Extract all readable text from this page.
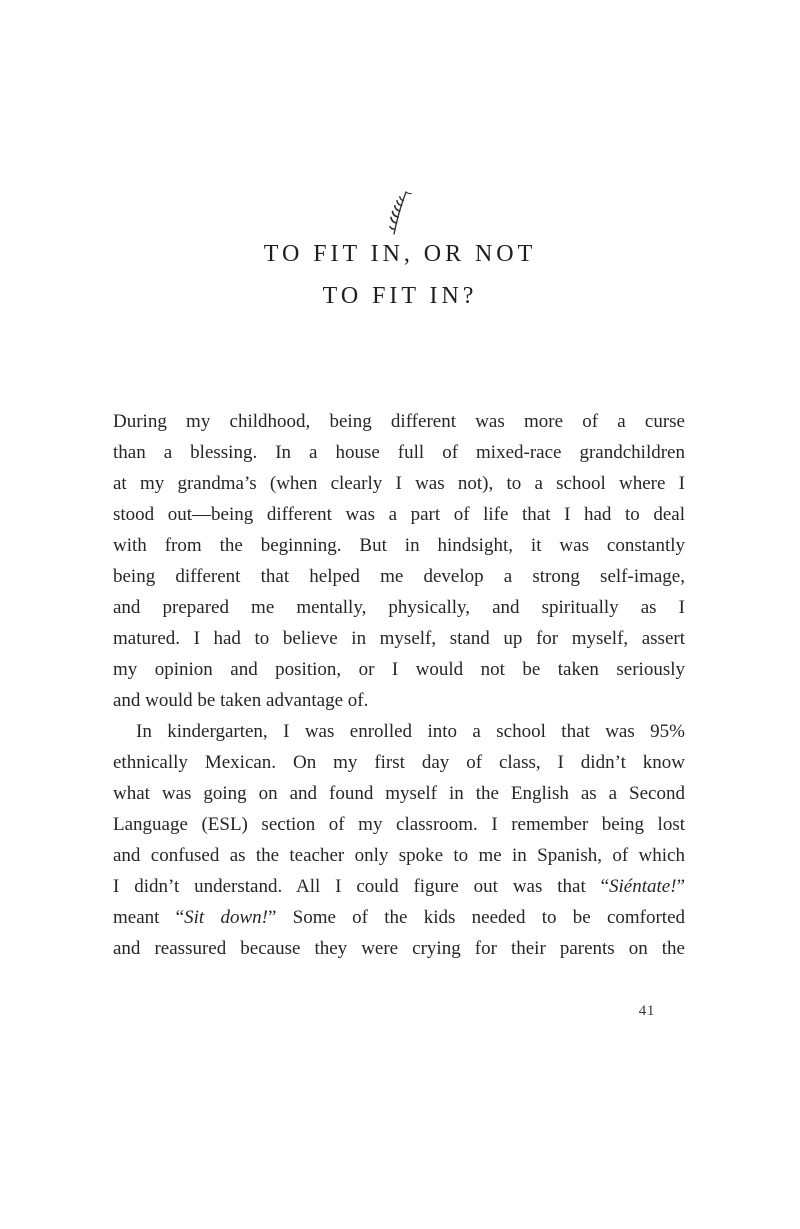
TO FIT IN, OR NOT
TO FIT IN?
During my childhood, being different was more of a curse
than a blessing. In a house full of mixed-race grandchildren
at my grandma’s (when clearly I was not), to a school where I
stood out—being different was a part of life that I had to deal
with from the beginning. But in hindsight, it was constantly
being different that helped me develop a strong self-image,
and prepared me mentally, physically, and spiritually as I
matured. I had to believe in myself, stand up for myself, assert
my opinion and position, or I would not be taken seriously
and would be taken advantage of.
In kindergarten, I was enrolled into a school that was 95%
ethnically Mexican. On my first day of class, I didn’t know
what was going on and found myself in the English as a Second
Language (ESL) section of my classroom. I remember being lost
and confused as the teacher only spoke to me in Spanish, of which
I didn’t understand. All I could figure out was that “Siéntate!”
meant “Sit down!” Some of the kids needed to be comforted
and reassured because they were crying for their parents on the
41
